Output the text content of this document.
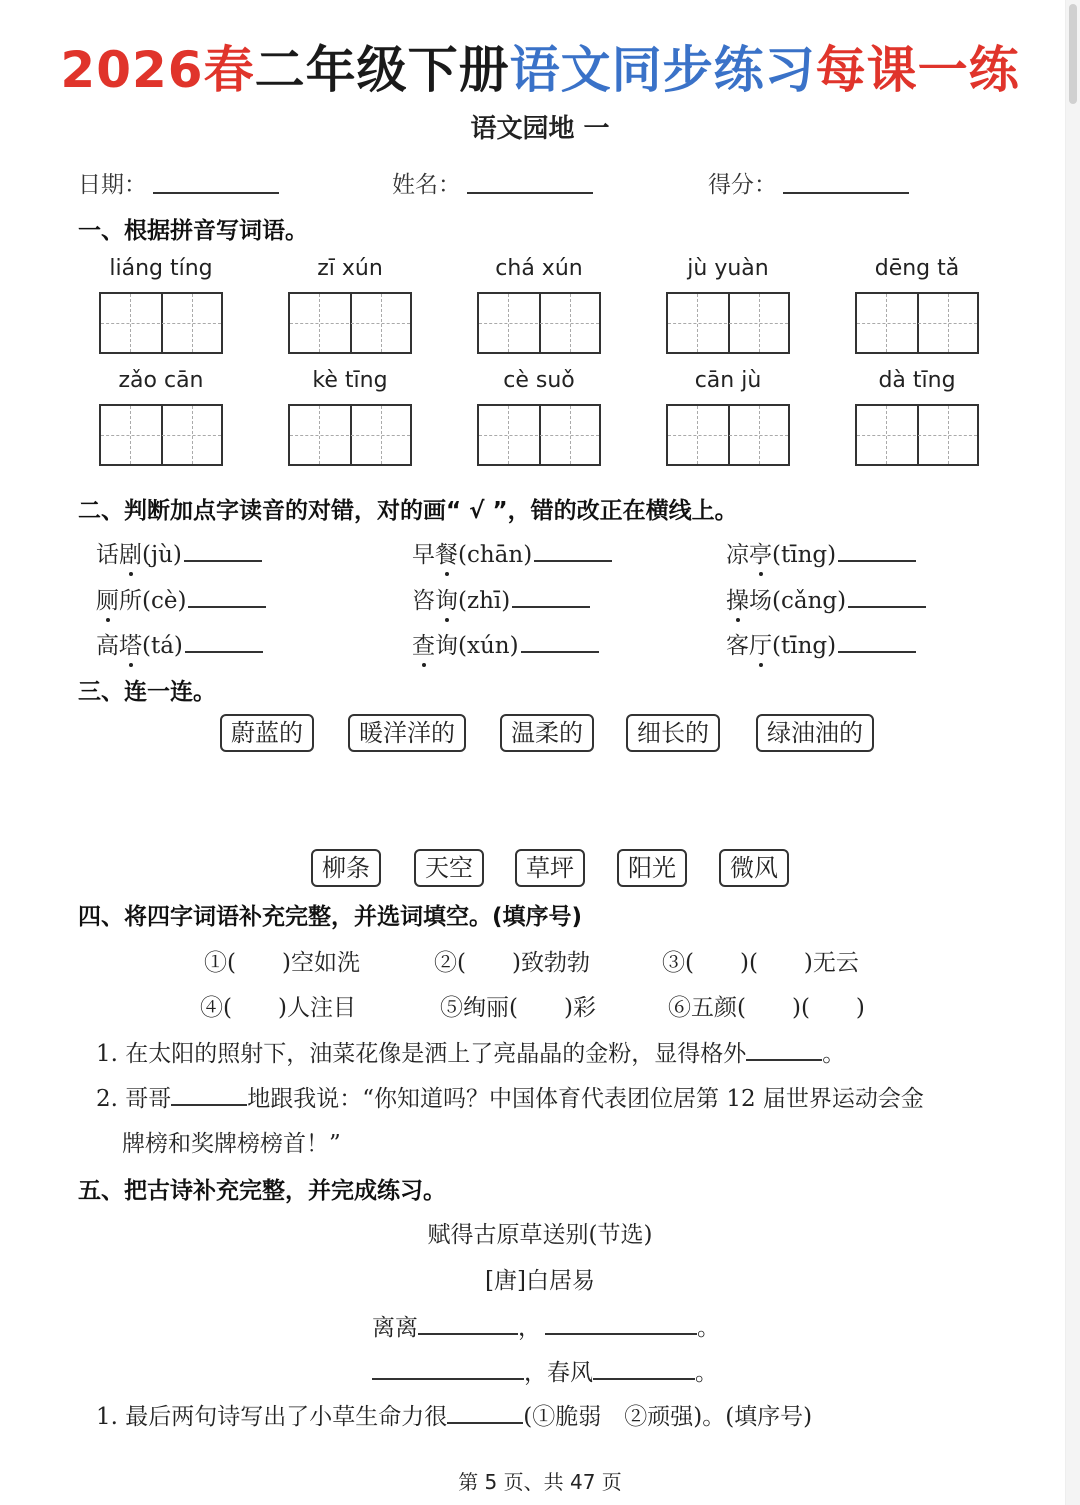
2026春二年级下册语文同步练习每课一练
语文园地 一
日期：	姓名：	得分：
一、根据拼音写词语。
liáng tíng	zī xún	chá xún	jù yuàn	dēng tǎ
zǎo cān	kè tīng	cè suǒ	cān jù	dà tīng
二、判断加点字读音的对错，对的画“ √ ”，错的改正在横线上。
话剧(jù)	早餐(chān)	凉亭(tīng)
厕所(cè)	咨询(zhī)	操场(cǎng)
高塔(tá)	查询(xún)	客厅(tīng)
三、连一连。
蔚蓝的	暖洋洋的	温柔的	细长的	绿油油的
柳条	天空	草坪	阳光	微风
四、将四字词语补充完整，并选词填空。(填序号)
①(　　)空如洗	②(　　)致勃勃	③(　　)(　　)无云
④(　　)人注目	⑤绚丽(　　)彩	⑥五颜(　　)(　　)
1. 在太阳的照射下，油菜花像是洒上了亮晶晶的金粉，显得格外	。
2. 哥哥	地跟我说：“你知道吗？中国体育代表团位居第 12 届世界运动会金
牌榜和奖牌榜榜首！”
五、把古诗补充完整，并完成练习。
赋得古原草送别(节选)
[唐]白居易
离离	，	。
，春风	。
1. 最后两句诗写出了小草生命力很	(①脆弱　②顽强)。(填序号)
第 5 页、共 47 页
